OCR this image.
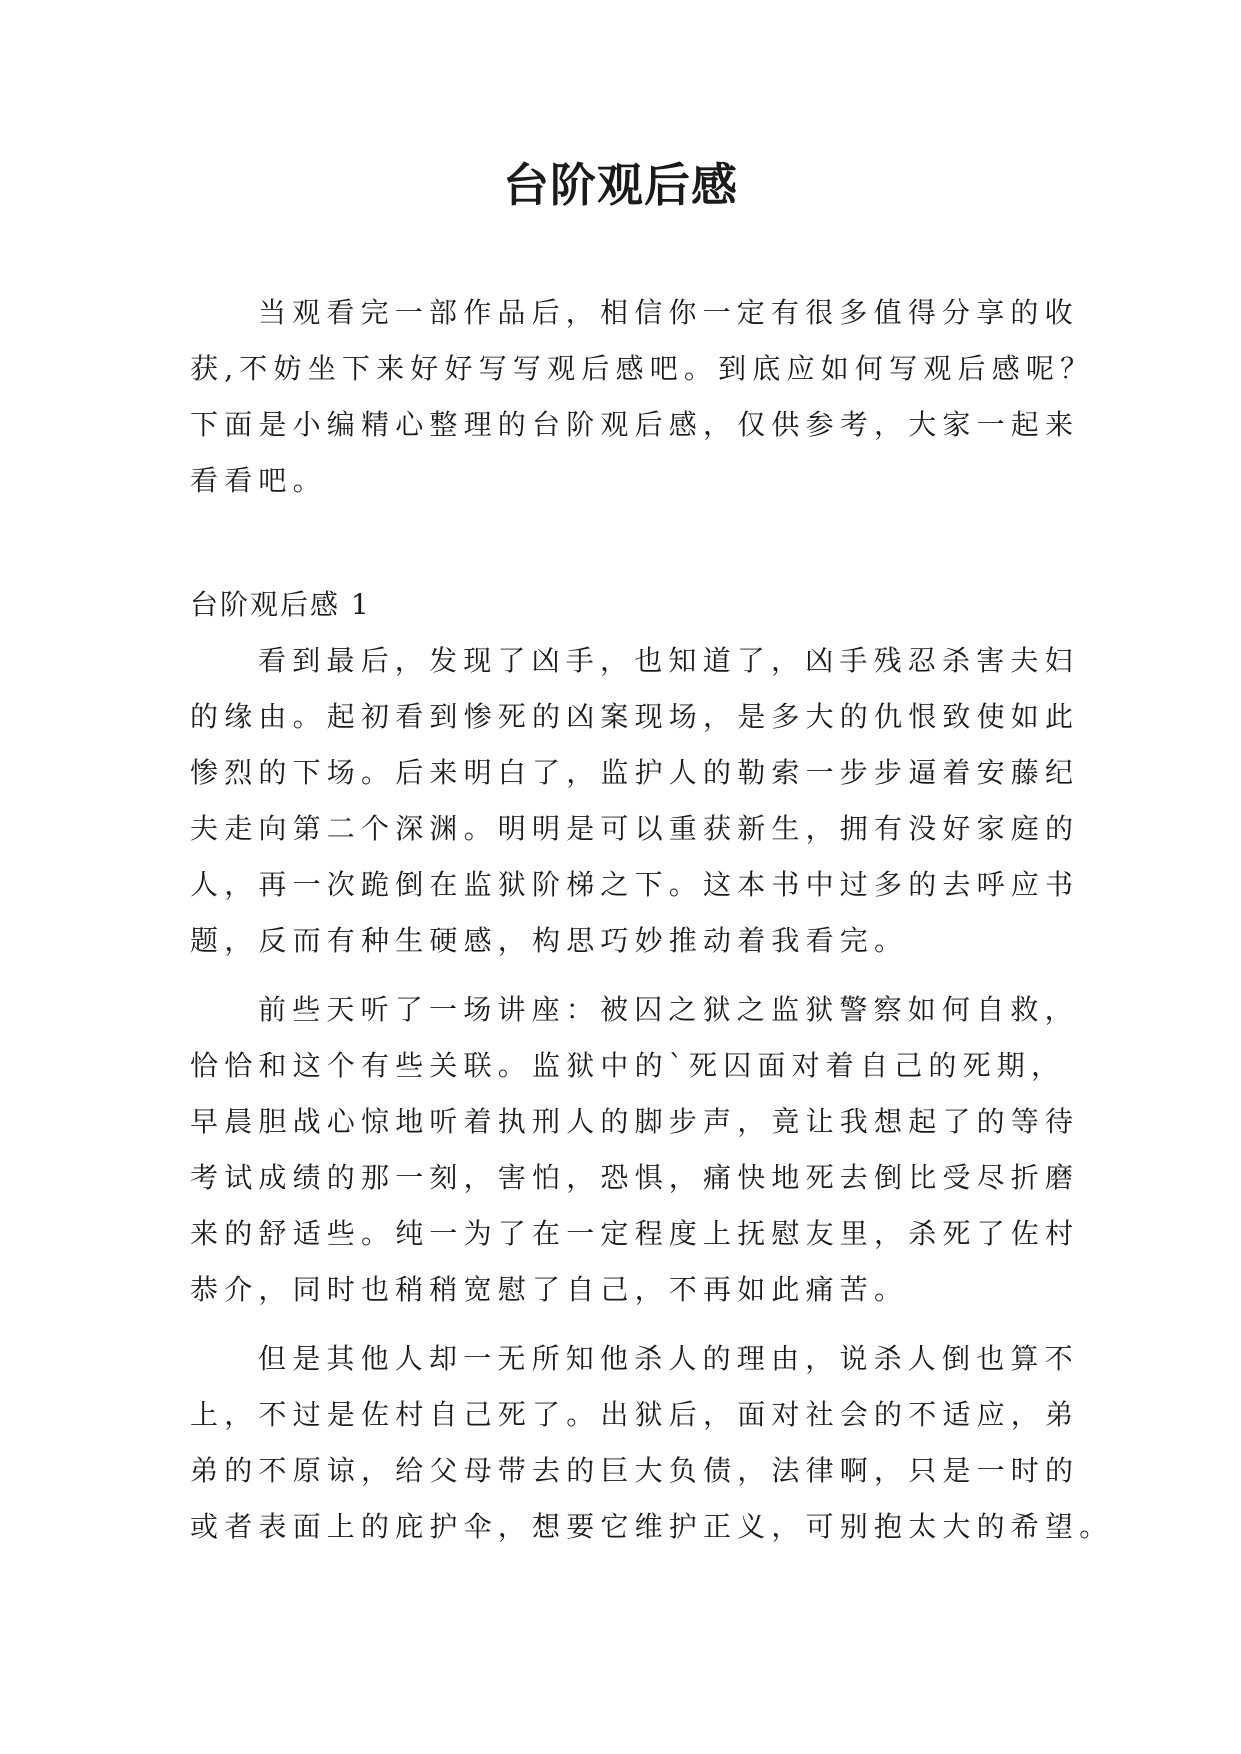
台阶观后感
当观看完一部作品后，相信你一定有很多值得分享的收
获,不妨坐下来好好写写观后感吧。到底应如何写观后感呢？
下面是小编精心整理的台阶观后感，仅供参考，大家一起来
看看吧。
台阶观后感 1
看到最后，发现了凶手，也知道了，凶手残忍杀害夫妇
的缘由。起初看到惨死的凶案现场，是多大的仇恨致使如此
惨烈的下场。后来明白了，监护人的勒索一步步逼着安藤纪
夫走向第二个深渊。明明是可以重获新生，拥有没好家庭的
人，再一次跪倒在监狱阶梯之下。这本书中过多的去呼应书
题，反而有种生硬感，构思巧妙推动着我看完。
前些天听了一场讲座：被囚之狱之监狱警察如何自救，
恰恰和这个有些关联。监狱中的`死囚面对着自己的死期，
早晨胆战心惊地听着执刑人的脚步声，竟让我想起了的等待
考试成绩的那一刻，害怕，恐惧，痛快地死去倒比受尽折磨
来的舒适些。纯一为了在一定程度上抚慰友里，杀死了佐村
恭介，同时也稍稍宽慰了自己，不再如此痛苦。
但是其他人却一无所知他杀人的理由，说杀人倒也算不
上，不过是佐村自己死了。出狱后，面对社会的不适应，弟
弟的不原谅，给父母带去的巨大负债，法律啊，只是一时的
或者表面上的庇护伞，想要它维护正义，可别抱太大的希望。
